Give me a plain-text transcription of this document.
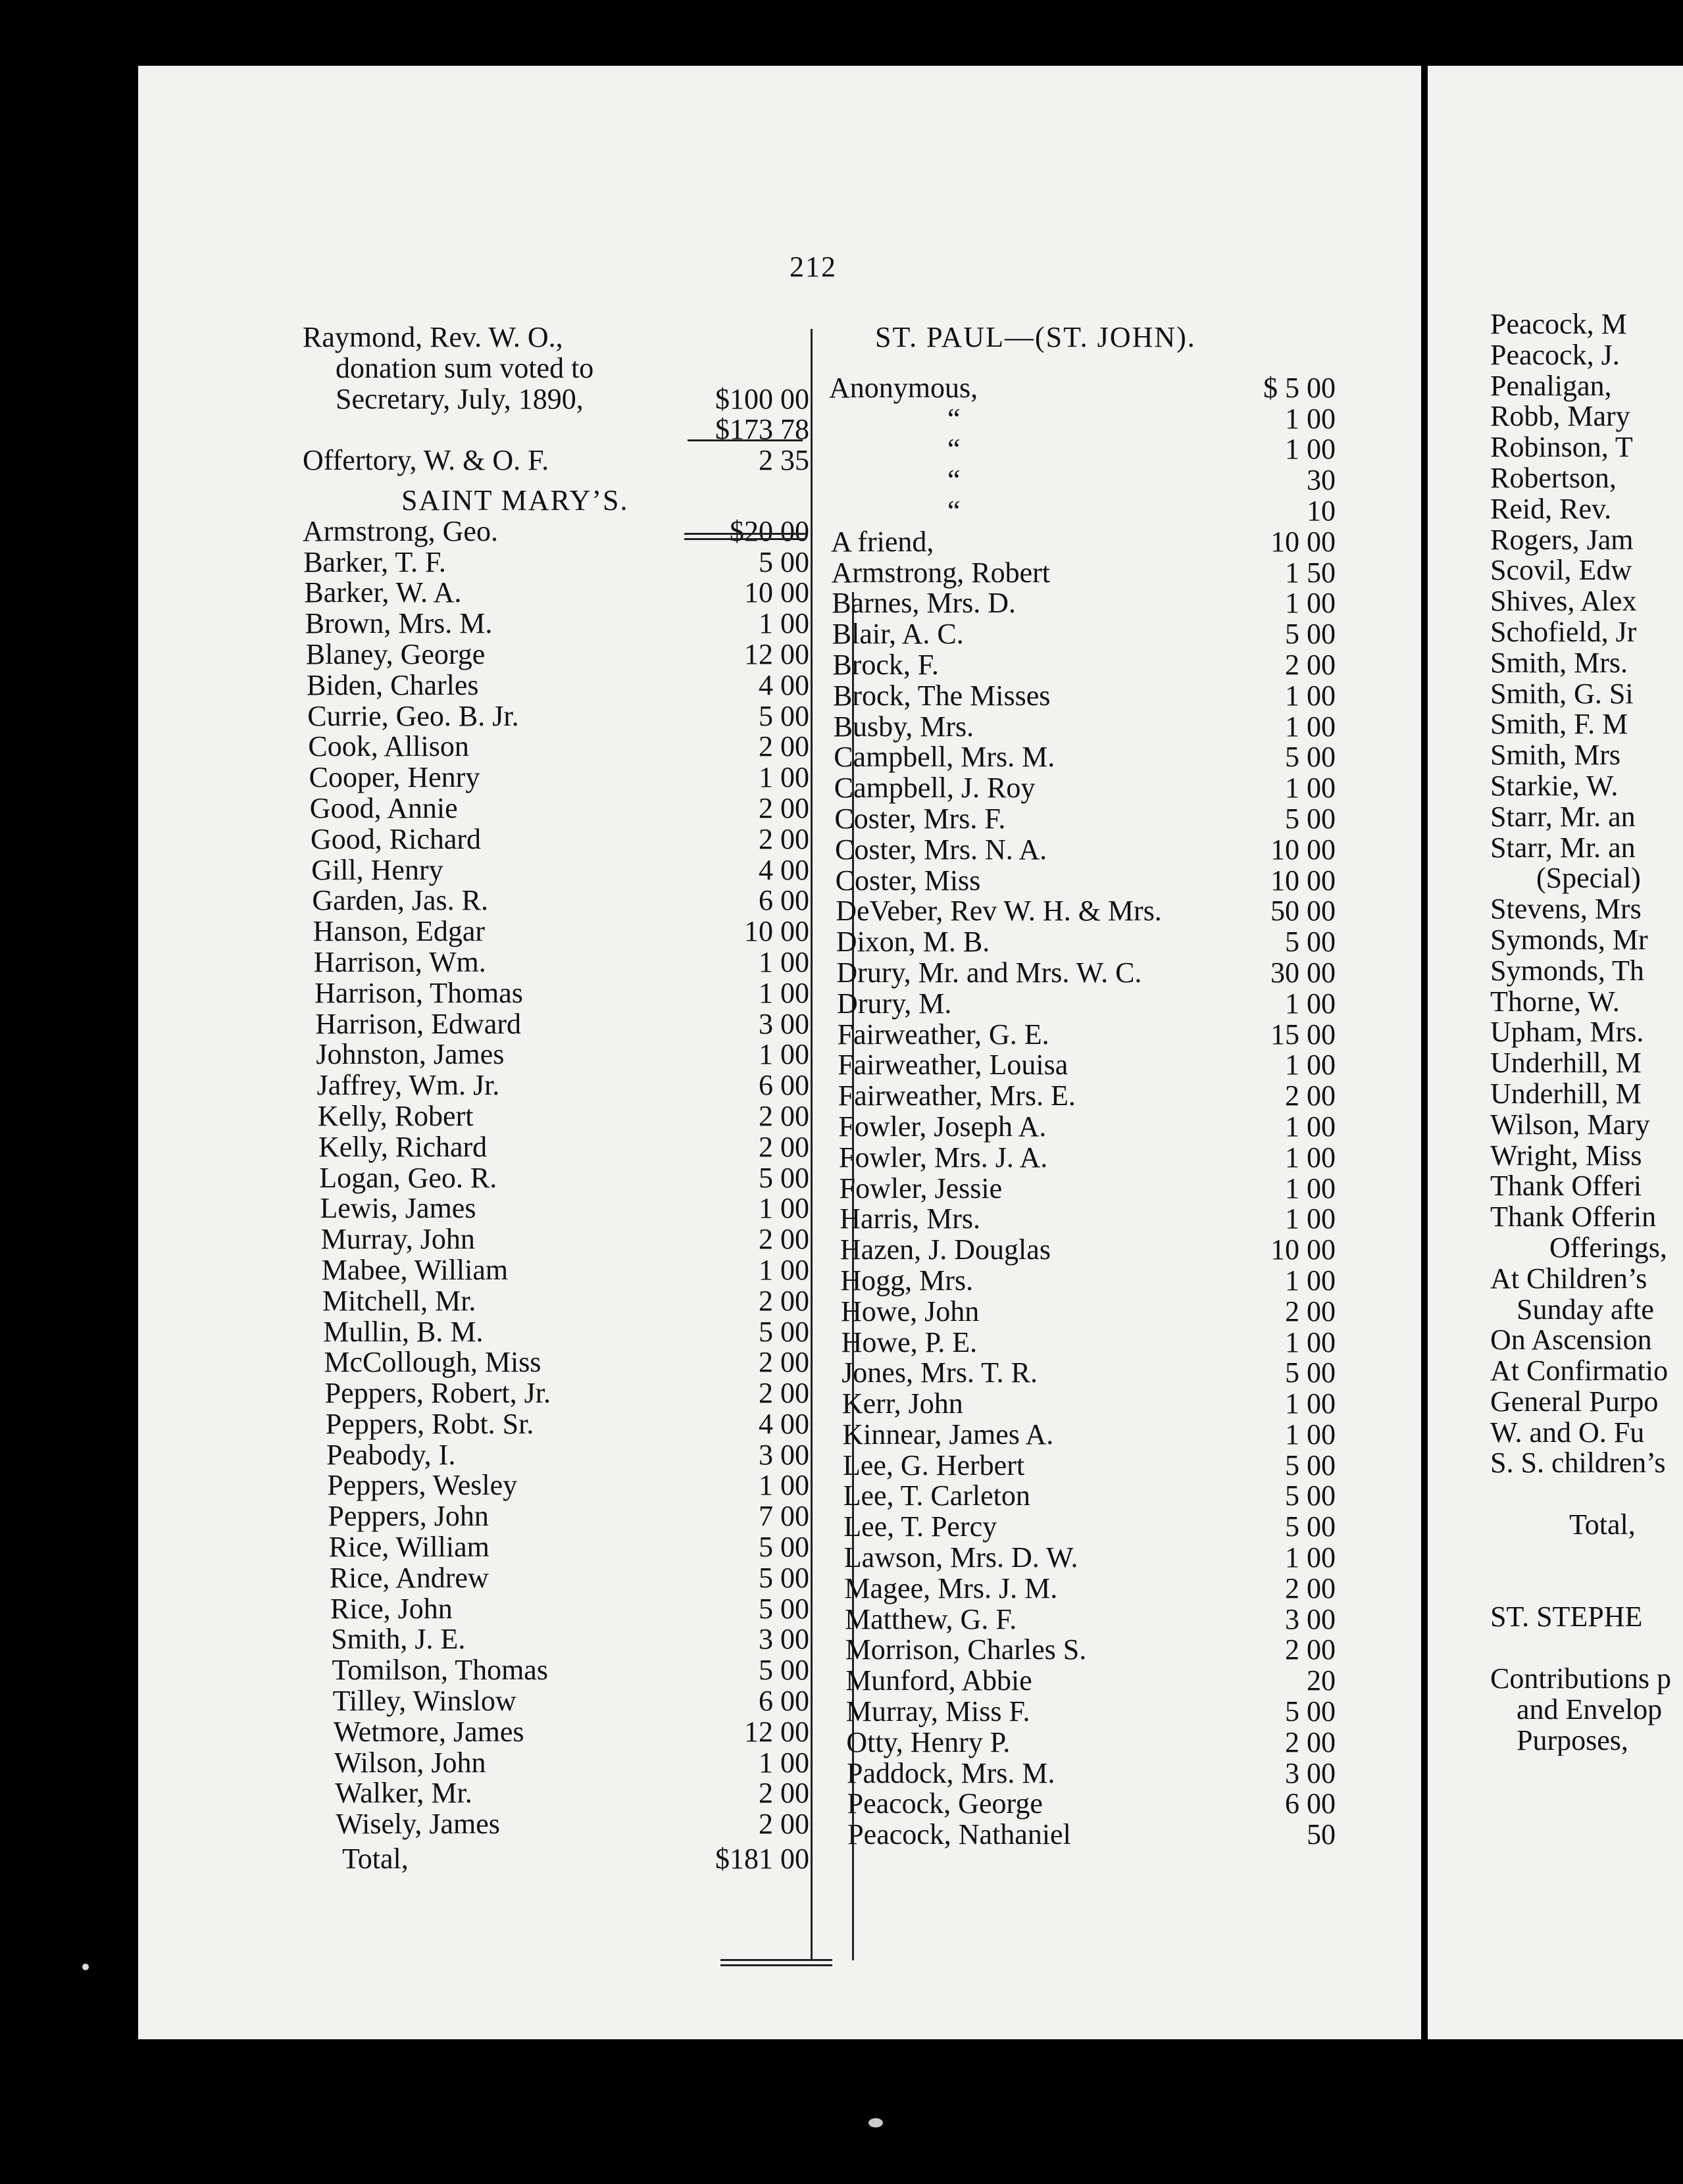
212
Raymond, Rev. W. O.,
donation sum voted to
Secretary, July, 1890,	$100 00
$173 78
Offertory, W. & O. F.	2 35
SAINT MARY’S.
Armstrong, Geo.	$20 00
Barker, T. F.	5 00
Barker, W. A.	10 00
Brown, Mrs. M.	1 00
Blaney, George	12 00
Biden, Charles	4 00
Currie, Geo. B. Jr.	5 00
Cook, Allison	2 00
Cooper, Henry	1 00
Good, Annie	2 00
Good, Richard	2 00
Gill, Henry	4 00
Garden, Jas. R.	6 00
Hanson, Edgar	10 00
Harrison, Wm.	1 00
Harrison, Thomas	1 00
Harrison, Edward	3 00
Johnston, James	1 00
Jaffrey, Wm. Jr.	6 00
Kelly, Robert	2 00
Kelly, Richard	2 00
Logan, Geo. R.	5 00
Lewis, James	1 00
Murray, John	2 00
Mabee, William	1 00
Mitchell, Mr.	2 00
Mullin, B. M.	5 00
McCollough, Miss	2 00
Peppers, Robert, Jr.	2 00
Peppers, Robt. Sr.	4 00
Peabody, I.	3 00
Peppers, Wesley	1 00
Peppers, John	7 00
Rice, William	5 00
Rice, Andrew	5 00
Rice, John	5 00
Smith, J. E.	3 00
Tomilson, Thomas	5 00
Tilley, Winslow	6 00
Wetmore, James	12 00
Wilson, John	1 00
Walker, Mr.	2 00
Wisely, James	2 00
Total,	$181 00
ST. PAUL—(ST. JOHN).
Anonymous,	$ 5 00
“	1 00
“	1 00
“	30
“	10
A friend,	10 00
Armstrong, Robert	1 50
Barnes, Mrs. D.	1 00
Blair, A. C.	5 00
Brock, F.	2 00
Brock, The Misses	1 00
Busby, Mrs.	1 00
Campbell, Mrs. M.	5 00
Campbell, J. Roy	1 00
Coster, Mrs. F.	5 00
Coster, Mrs. N. A.	10 00
Coster, Miss	10 00
DeVeber, Rev W. H. & Mrs.	50 00
Dixon, M. B.	5 00
Drury, Mr. and Mrs. W. C.	30 00
Drury, M.	1 00
Fairweather, G. E.	15 00
Fairweather, Louisa	1 00
Fairweather, Mrs. E.	2 00
Fowler, Joseph A.	1 00
Fowler, Mrs. J. A.	1 00
Fowler, Jessie	1 00
Harris, Mrs.	1 00
Hazen, J. Douglas	10 00
Hogg, Mrs.	1 00
Howe, John	2 00
Howe, P. E.	1 00
Jones, Mrs. T. R.	5 00
Kerr, John	1 00
Kinnear, James A.	1 00
Lee, G. Herbert	5 00
Lee, T. Carleton	5 00
Lee, T. Percy	5 00
Lawson, Mrs. D. W.	1 00
Magee, Mrs. J. M.	2 00
Matthew, G. F.	3 00
Morrison, Charles S.	2 00
Munford, Abbie	20
Murray, Miss F.	5 00
Otty, Henry P.	2 00
Paddock, Mrs. M.	3 00
Peacock, George	6 00
Peacock, Nathaniel	50
Peacock, M
Peacock, J.
Penaligan,
Robb, Mary
Robinson, T
Robertson,
Reid, Rev.
Rogers, Jam
Scovil, Edw
Shives, Alex
Schofield, Jr
Smith, Mrs.
Smith, G. Si
Smith, F. M
Smith, Mrs
Starkie, W.
Starr, Mr. an
Starr, Mr. an
(Special)
Stevens, Mrs
Symonds, Mr
Symonds, Th
Thorne, W.
Upham, Mrs.
Underhill, M
Underhill, M
Wilson, Mary
Wright, Miss
Thank Offeri
Thank Offerin
Offerings,
At Children’s
Sunday afte
On Ascension
At Confirmatio
General Purpo
W. and O. Fu
S. S. children’s
Total,
ST. STEPHE
Contributions p
and Envelop
Purposes,
